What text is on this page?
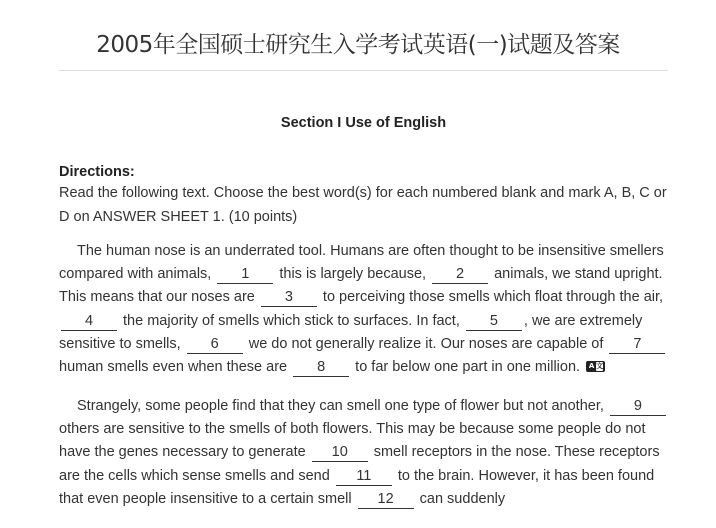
2005年全国硕士研究生入学考试英语(一)试题及答案

Section I Use of English

Directions:

Read the following text. Choose the best word(s) for each numbered blank and mark A, B, C or D on ANSWER SHEET 1. (10 points)

The human nose is an underrated tool. Humans are often thought to be insensitive smellers compared with animals, 1 this is largely because, 2 animals, we stand upright. This means that our noses are 3 to perceiving those smells which float through the air, 4 the majority of smells which stick to surfaces. In fact, 5 , we are extremely sensitive to smells, 6 we do not generally realize it. Our noses are capable of 7 human smells even when these are 8 to far below one part in one million. A 文

Strangely, some people find that they can smell one type of flower but not another, 9 others are sensitive to the smells of both flowers. This may be because some people do not have the genes necessary to generate 10 smell receptors in the nose. These receptors are the cells which sense smells and send 11 to the brain. However, it has been found that even people insensitive to a certain smell 12 can suddenly
